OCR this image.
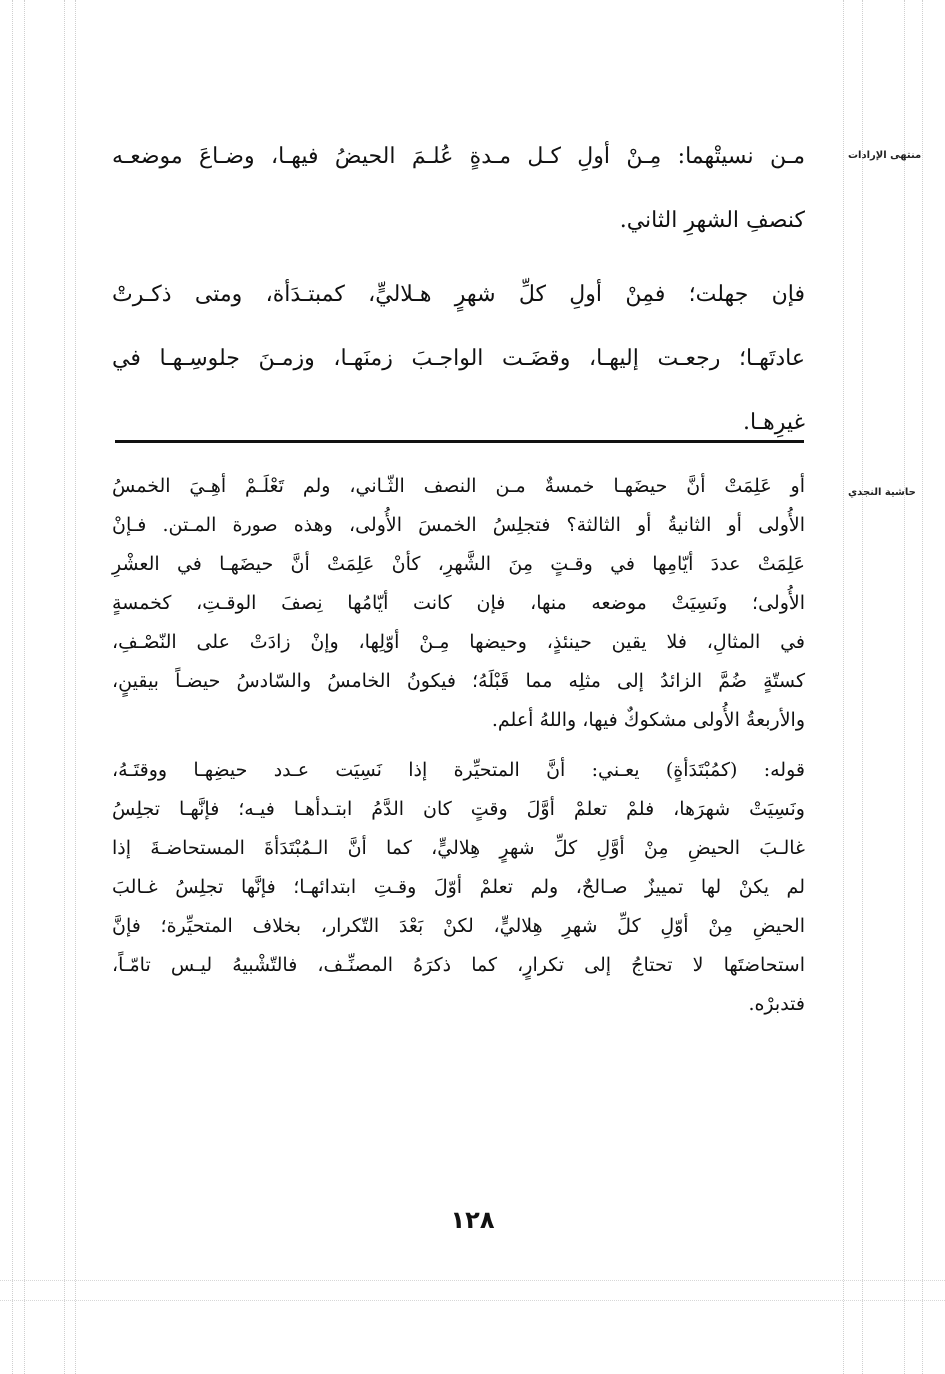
منتهى الإرادات
حاشية النجدي
مـن نسيتْهما: مِـنْ أولِ كـل مـدةٍ عُلـمَ الحيضُ فيهـا، وضـاعَ موضعـه
كنصفِ الشهرِ الثاني.
فإن جهلت؛ فمِنْ أولِ كلِّ شهرٍ هـلاليٍّ، كمبتـدَأة، ومتى ذكـرتْ
عادتَهـا؛ رجعـت إليهـا، وقضَـت الواجـبَ زمنَهـا، وزمـنَ جلوسِـهـا في
غيرِهـا.
أو عَلِمَتْ أنَّ حيضَهـا خمسةٌ مـن النصف الثّـاني، ولم تَعْلَـمْ أهِـيَ الخمسُ
الأُولى أو الثانيةُ أو الثالثة؟ فتجلِسُ الخمسَ الأُولى، وهذه صورة المـتن. فـإنْ
عَلِمَتْ عددَ أيّامِها في وقـتٍ مِنَ الشَّهرِ، كأنْ عَلِمَتْ أنَّ حيضَهـا في العشْرِ
الأُولى؛ ونَسِيَتْ موضعه منها، فإن كانت أيّامُها نِصفَ الوقـتِ، كخمسةٍ
في المثالِ، فلا يقين حينئذٍ، وحيضها مِـنْ أوّلِها، وإنْ زادَتْ على النّصْـفِ،
كستّةٍ ضُمَّ الزائدُ إلى مثلِه مما قَبْلَهُ؛ فيكونُ الخامسُ والسّادسُ حيضـاً بيقينٍ،
والأربعةُ الأُولى مشكوكٌ فيها، واللهُ أعلم.
قوله: (كمُبْتَدَأةٍ) يعـني: أنَّ المتحيِّرة إذا نَسِيَت عـدد حيضِهـا ووقتَـهُ،
ونَسِيَتْ شهرَها، فلمْ تعلمْ أوَّلَ وقتٍ كان الدَّمُ ابتـدأهـا فيـه؛ فإنَّهـا تجلِسُ
غالـبَ الحيضِ مِنْ أوَّلِ كلِّ شهرٍ هِلاليٍّ، كما أنَّ الـمُبْتَدَأةَ المستحاضـةَ إذا
لم يكنْ لها تمييزٌ صـالحٌ، ولم تعلمْ أوّلَ وقـتِ ابتدائهـا؛ فإنَّها تجلِسُ غـالبَ
الحيضِ مِنْ أوّلِ كلِّ شهرِ هِلاليٍّ، لكنْ بَعْدَ التّكرار، بخلاف المتحيِّرة؛ فإنَّ
استحاضتَها لا تحتاجُ إلى تكرارٍ، كما ذكرَهُ المصنِّـف، فالتّشْبيهُ ليـس تامّـاً،
فتدبرْه.
١٢٨
